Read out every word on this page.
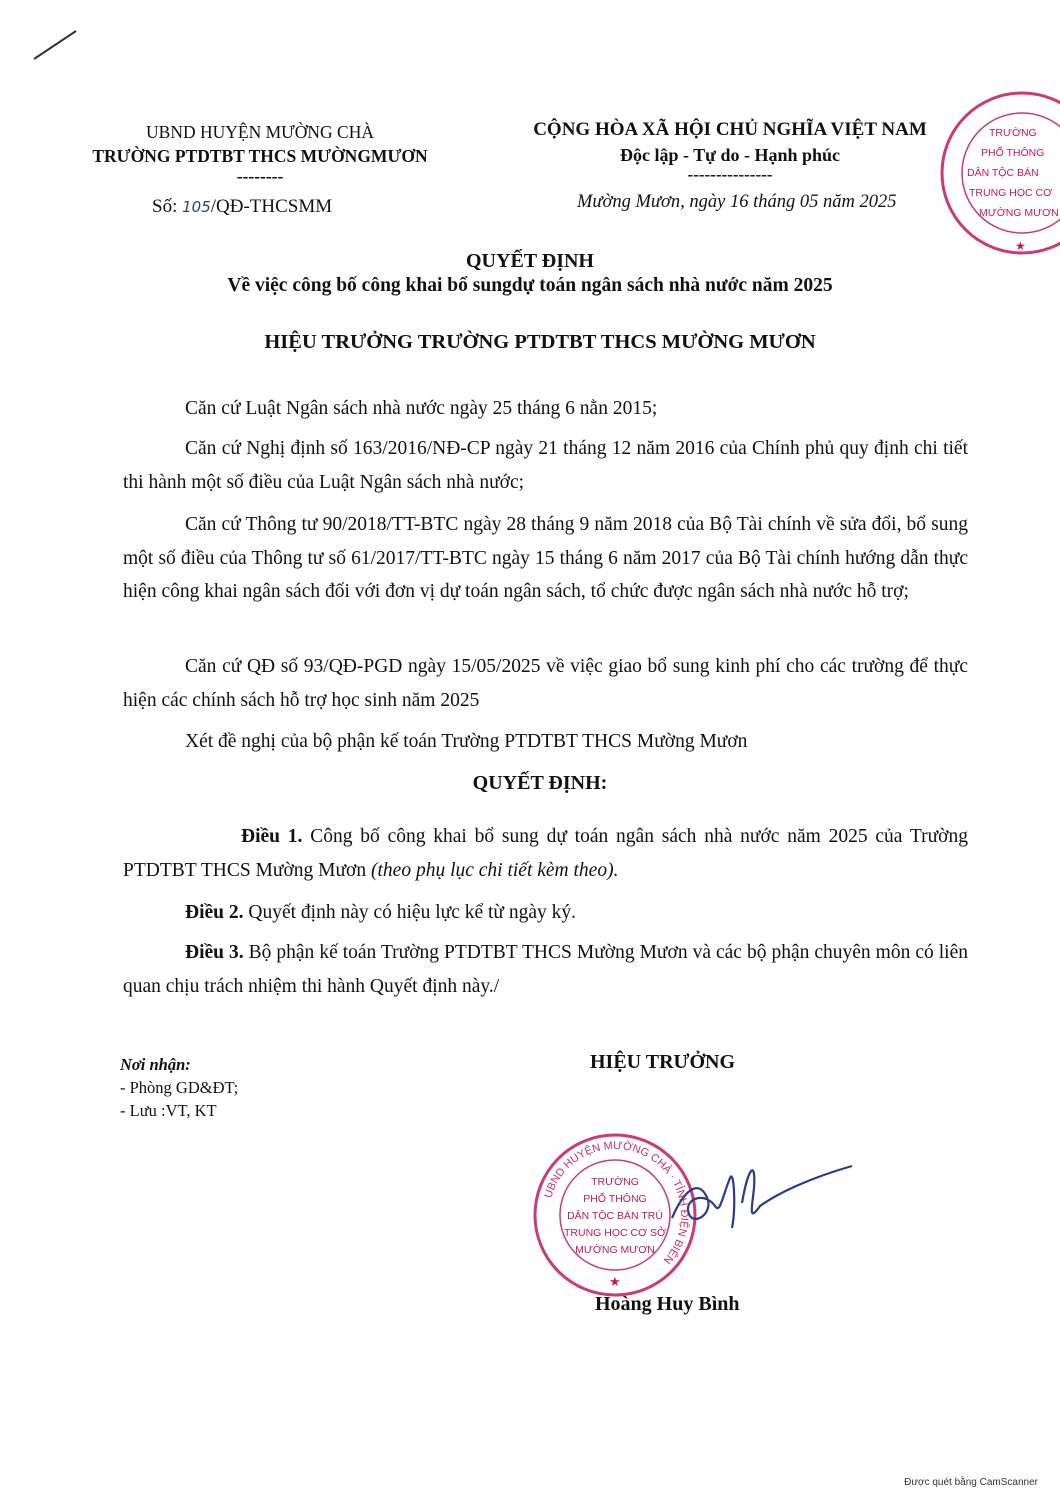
UBND HUYỆN MƯỜNG CHÀ
TRƯỜNG PTDTBT THCS MƯỜNGMƯƠN
--------
Số: 105/QĐ-THCSMM
CỘNG HÒA XÃ HỘI CHỦ NGHĨA VIỆT NAM
Độc lập - Tự do - Hạnh phúc
---------------
Mường Mươn, ngày 16 tháng 05 năm 2025
TRƯỜNG
PHỔ THÔNG
DÂN TỘC BÁN
TRUNG HỌC CƠ
MƯỜNG MƯƠN
★
QUYẾT ĐỊNH
Về việc công bố công khai bổ sungdự toán ngân sách nhà nước năm 2025
HIỆU TRƯỞNG TRƯỜNG PTDTBT THCS MƯỜNG MƯƠN
Căn cứ Luật Ngân sách nhà nước ngày 25 tháng 6 nằn 2015;
Căn cứ Nghị định số 163/2016/NĐ-CP ngày 21 tháng 12 năm 2016 của Chính phủ quy định chi tiết thi hành một số điều của Luật Ngân sách nhà nước;
Căn cứ Thông tư 90/2018/TT-BTC ngày 28 tháng 9 năm 2018 của Bộ Tài chính về sửa đổi, bổ sung một số điều của Thông tư số 61/2017/TT-BTC ngày 15 tháng 6 năm 2017 của Bộ Tài chính hướng dẫn thực hiện công khai ngân sách đối với đơn vị dự toán ngân sách, tổ chức được ngân sách nhà nước hỗ trợ;
Căn cứ QĐ số 93/QĐ-PGD ngày 15/05/2025 về việc giao bổ sung kinh phí cho các trường để thực hiện các chính sách hỗ trợ học sinh năm 2025
Xét đề nghị của bộ phận kế toán Trường PTDTBT THCS Mường Mươn
QUYẾT ĐỊNH:
Điều 1. Công bố công khai bổ sung dự toán ngân sách nhà nước năm 2025 của Trường PTDTBT THCS Mường Mươn (theo phụ lục chi tiết kèm theo).
Điều 2. Quyết định này có hiệu lực kể từ ngày ký.
Điều 3. Bộ phận kế toán Trường PTDTBT THCS Mường Mươn và các bộ phận chuyên môn có liên quan chịu trách nhiệm thi hành Quyết định này./
Nơi nhận:
- Phòng GD&ĐT;
- Lưu :VT, KT
HIỆU TRƯỞNG
UBND HUYỆN MƯỜNG CHÀ · TỈNH ĐIỆN BIÊN
TRƯỜNG
PHỔ THÔNG
DÂN TỘC BÁN TRÚ
TRUNG HỌC CƠ SỞ
MƯỜNG MƯƠN
★
Hoàng Huy Bình
Được quét bằng CamScanner
